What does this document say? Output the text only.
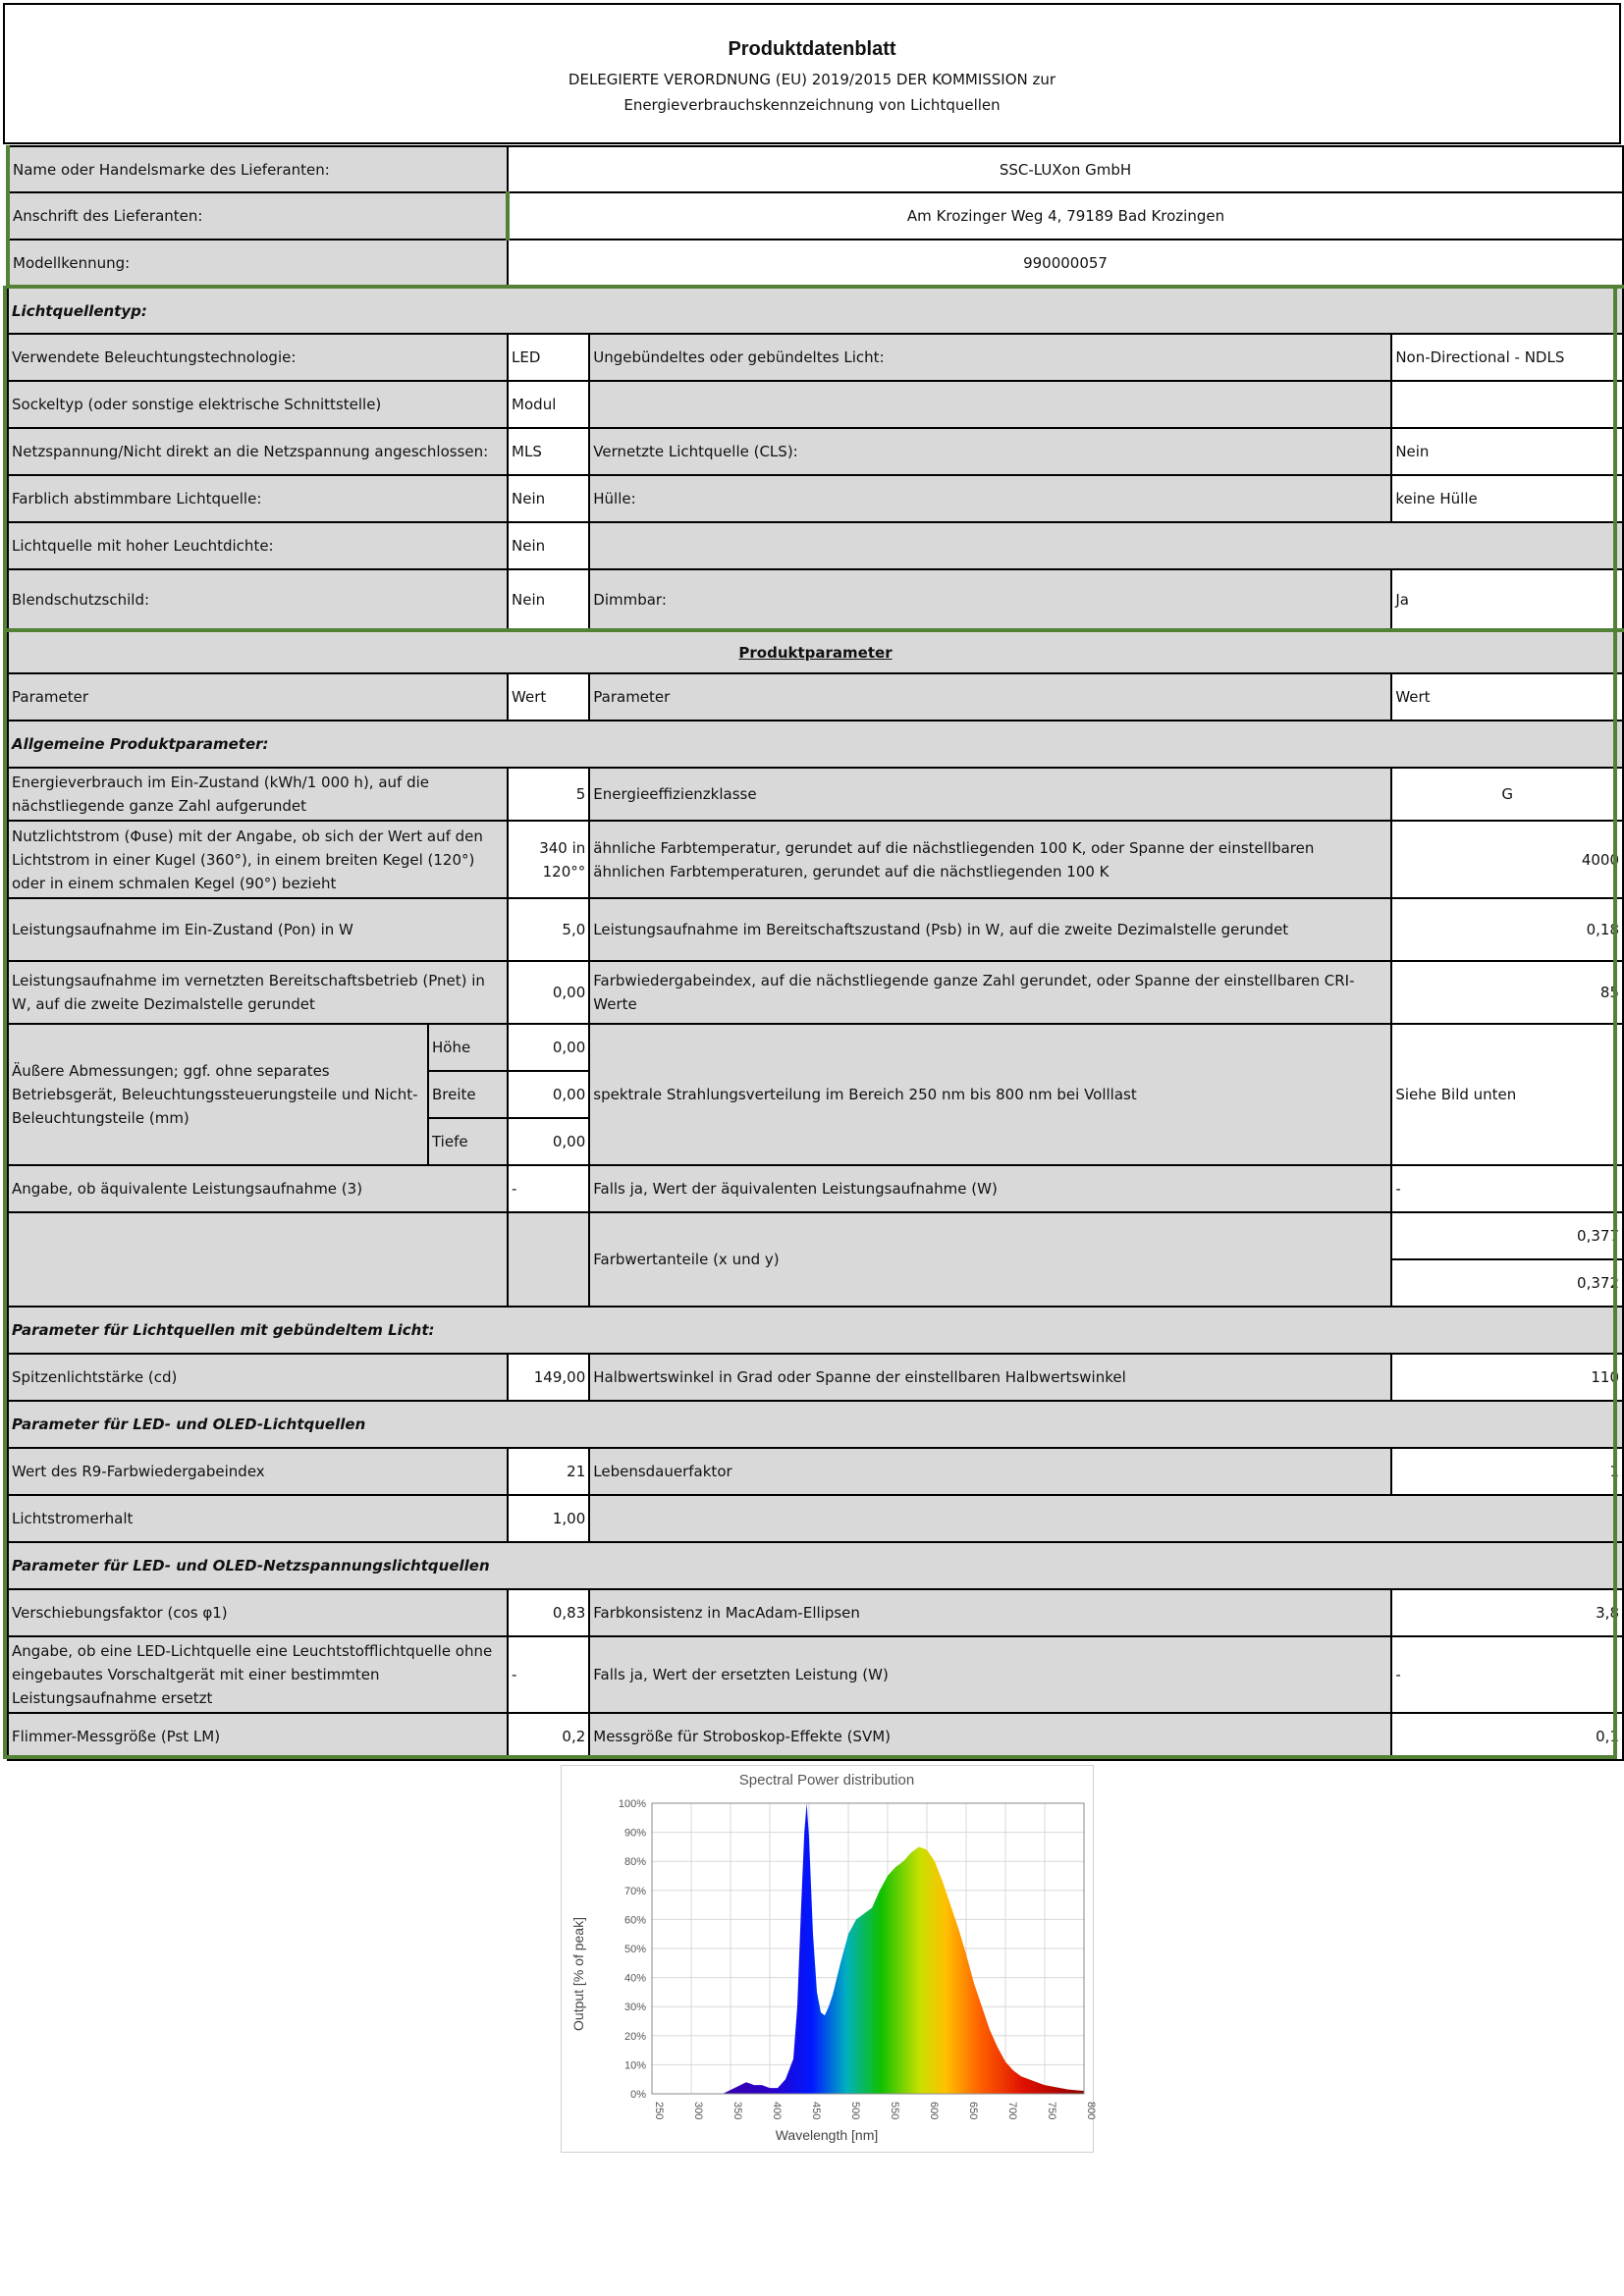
Produktdatenblatt
DELEGIERTE VERORDNUNG (EU) 2019/2015 DER KOMMISSION zur
Energieverbrauchskennzeichnung von Lichtquellen
Name oder Handelsmarke des Lieferanten:		SSC-LUXon GmbH		
Anschrift des Lieferanten:		Am Krozinger Weg 4, 79189 Bad Krozingen		
Modellkennung:		990000057		
Lichtquellentyp:				
Verwendete Beleuchtungstechnologie:		LED	Ungebündeltes oder gebündeltes Licht:	Non-Directional - NDLS
Sockeltyp (oder sonstige elektrische Schnittstelle)		Modul		
Netzspannung/Nicht direkt an die Netzspannung angeschlossen:		MLS	Vernetzte Lichtquelle (CLS):	Nein
Farblich abstimmbare Lichtquelle:		Nein	Hülle:	keine Hülle
Lichtquelle mit hoher Leuchtdichte:		Nein		
Blendschutzschild:		Nein	Dimmbar:	Ja
Produktparameter				
Parameter		Wert	Parameter	Wert
Allgemeine Produktparameter:				
Energieverbrauch im Ein-Zustand (kWh/1 000 h), auf die nächstliegende ganze Zahl aufgerundet		5	Energieeffizienzklasse	G
Nutzlichtstrom (Φuse) mit der Angabe, ob sich der Wert auf den Lichtstrom in einer Kugel (360°), in einem breiten Kegel (120°) oder in einem schmalen Kegel (90°) bezieht		340 in 120°°	ähnliche Farbtemperatur, gerundet auf die nächstliegenden 100 K, oder Spanne der einstellbaren ähnlichen Farbtemperaturen, gerundet auf die nächstliegenden 100 K	4000
Leistungsaufnahme im Ein-Zustand (Pon) in W		5,0	Leistungsaufnahme im Bereitschaftszustand (Psb) in W, auf die zweite Dezimalstelle gerundet	0,18
Leistungsaufnahme im vernetzten Bereitschaftsbetrieb (Pnet) in W, auf die zweite Dezimalstelle gerundet		0,00	Farbwiedergabeindex, auf die nächstliegende ganze Zahl gerundet, oder Spanne der einstellbaren CRI-Werte	85
Äußere Abmessungen; ggf. ohne separates Betriebsgerät, Beleuchtungssteuerungsteile und Nicht-Beleuchtungsteile (mm)	Höhe	0,00	spektrale Strahlungsverteilung im Bereich 250 nm bis 800 nm bei Volllast	Siehe Bild unten
	Breite	0,00		
	Tiefe	0,00		
Angabe, ob äquivalente Leistungsaufnahme (3)		-	Falls ja, Wert der äquivalenten Leistungsaufnahme (W)	-
			Farbwertanteile (x und y)	0,377
				0,372
Parameter für Lichtquellen mit gebündeltem Licht:				
Spitzenlichtstärke (cd)		149,00	Halbwertswinkel in Grad oder Spanne der einstellbaren Halbwertswinkel	110
Parameter für LED- und OLED-Lichtquellen				
Wert des R9-Farbwiedergabeindex		21	Lebensdauerfaktor	1
Lichtstromerhalt		1,00		
Parameter für LED- und OLED-Netzspannungslichtquellen				
Verschiebungsfaktor (cos φ1)		0,83	Farbkonsistenz in MacAdam-Ellipsen	3,8
Angabe, ob eine LED-Lichtquelle eine Leuchtstofflichtquelle ohne eingebautes Vorschaltgerät mit einer bestimmten Leistungsaufnahme ersetzt		-	Falls ja, Wert der ersetzten Leistung (W)	-
Flimmer-Messgröße (Pst LM)		0,2	Messgröße für Stroboskop-Effekte (SVM)	0,1
Spectral Power distribution
0%
10%
20%
30%
40%
50%
60%
70%
80%
90%
100%
250	300	350	400	450	500	550	600	650	700	750	800
Wavelength [nm]
Output [% of peak]
